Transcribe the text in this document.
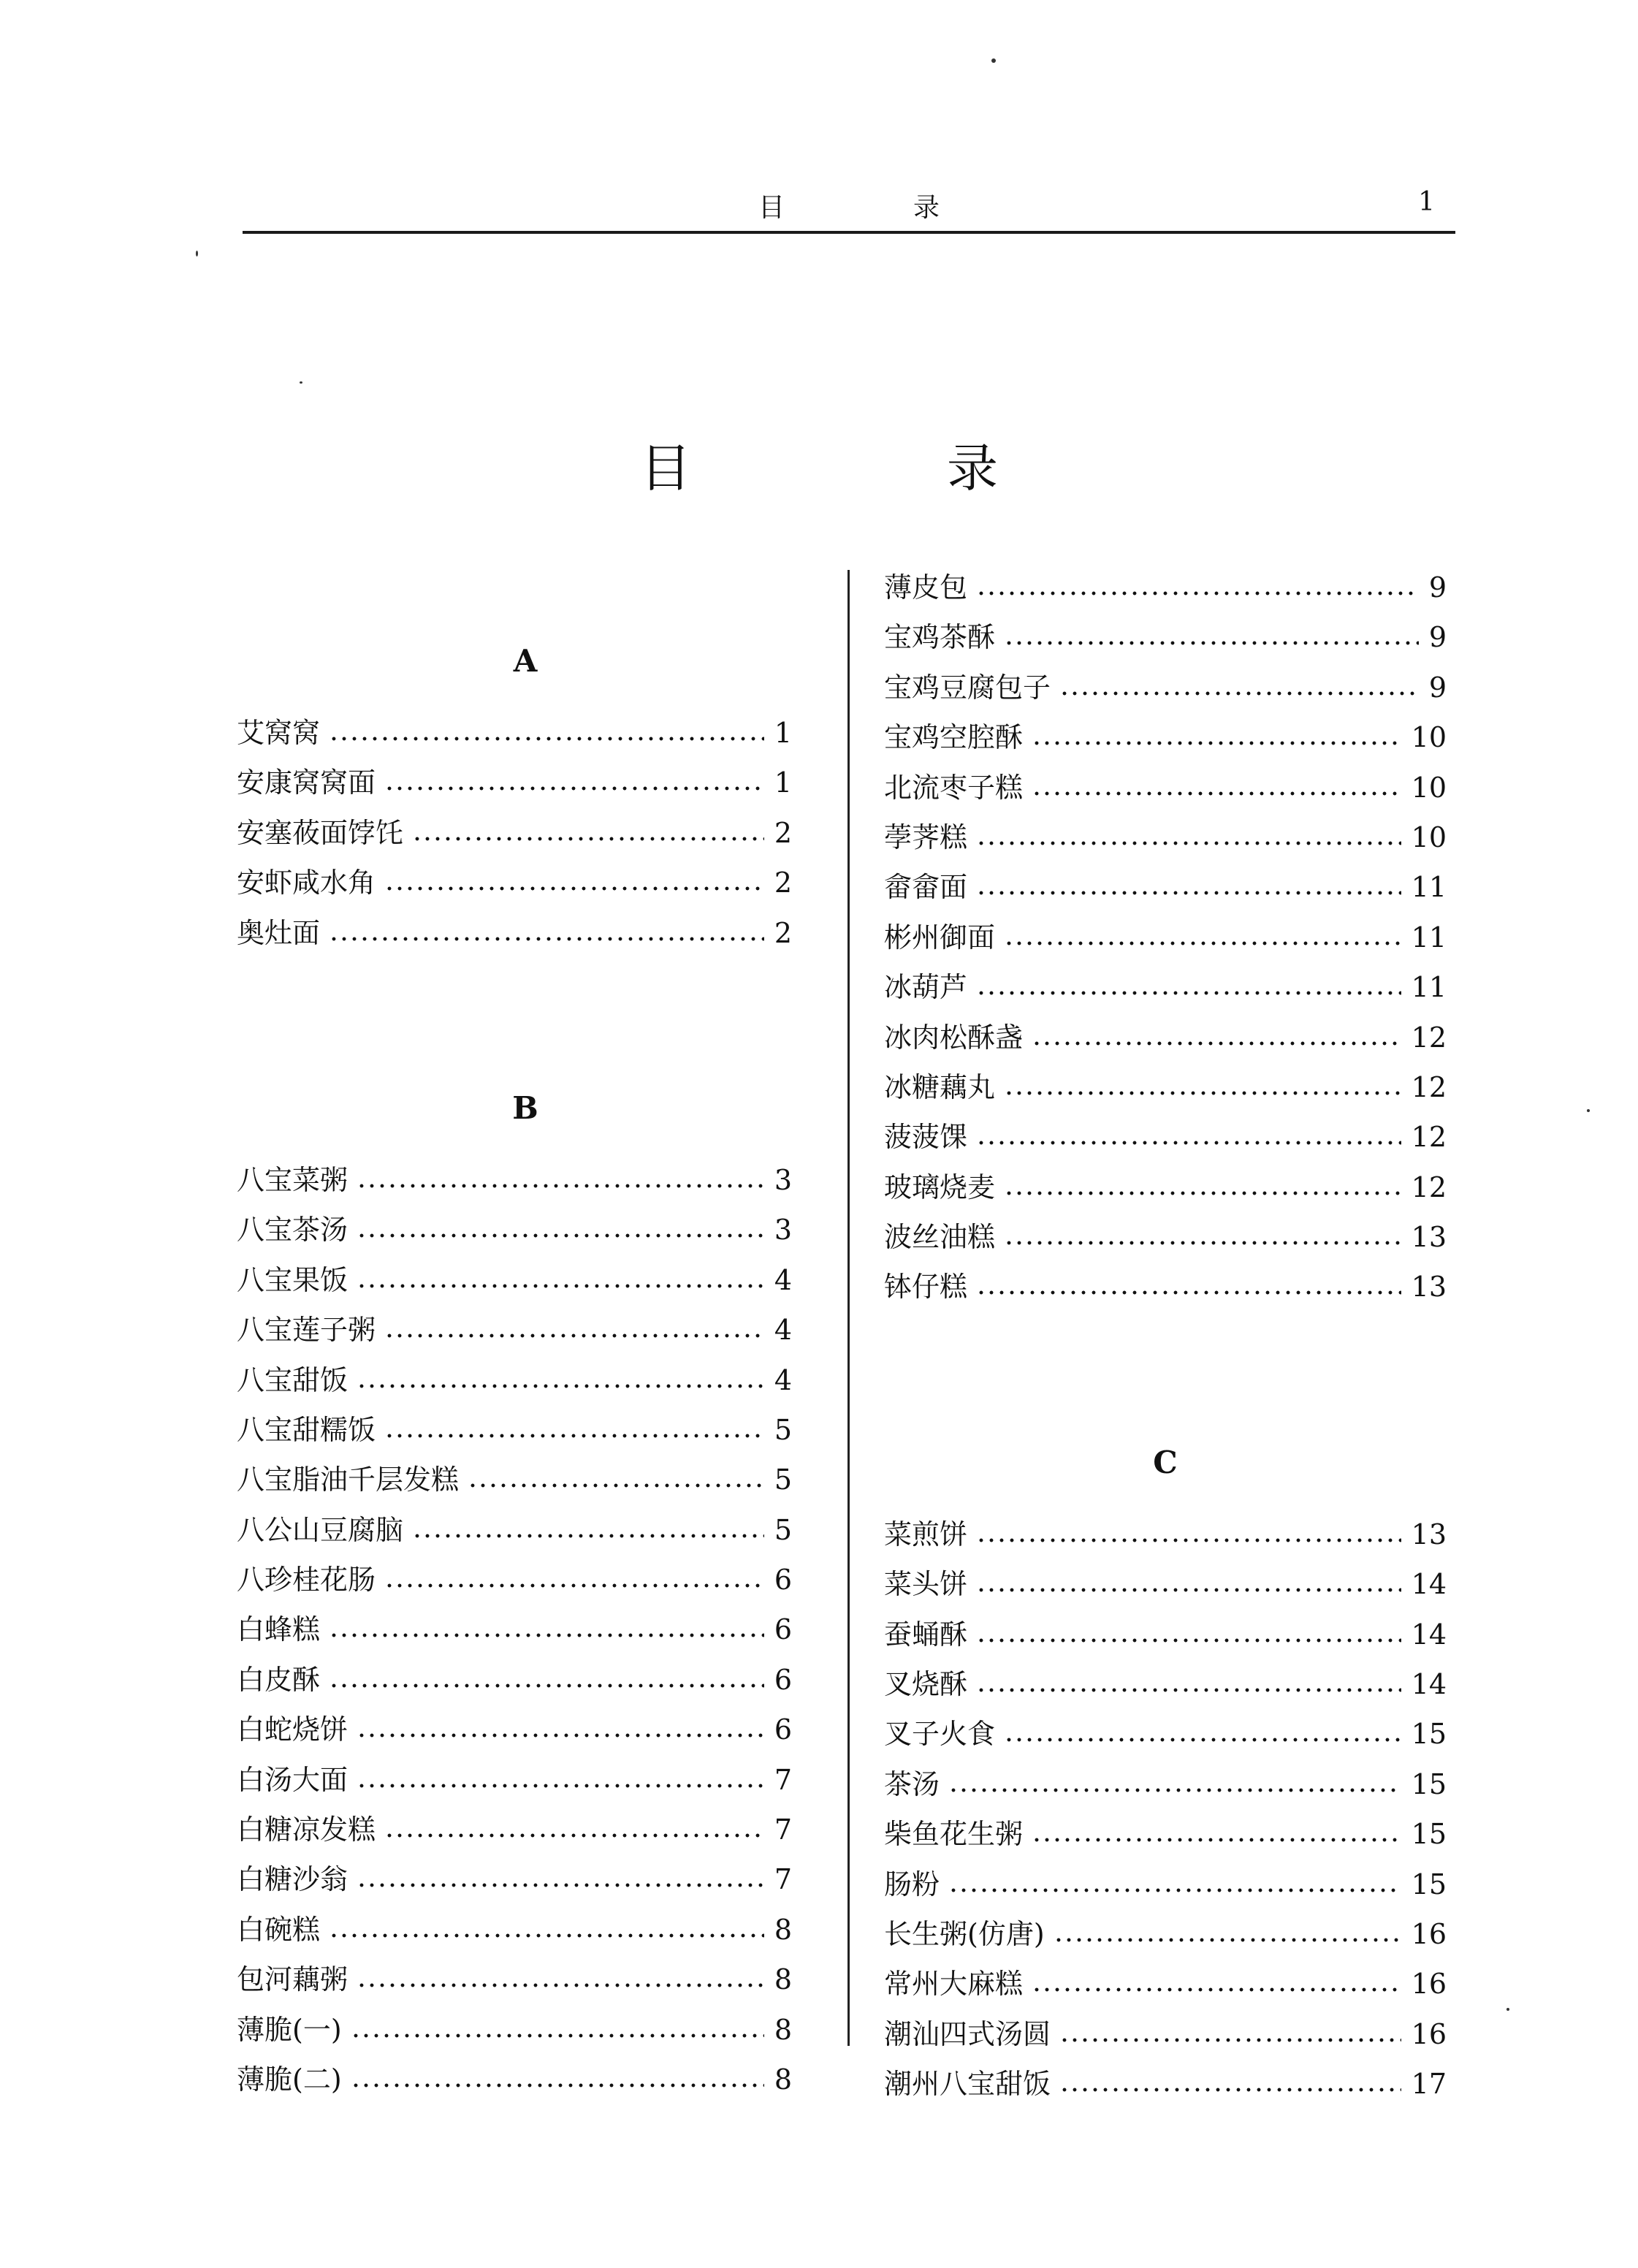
目　录	1
目　录
A
艾窝窝	1
安康窝窝面	1
安塞莜面饽饦	2
安虾咸水角	2
奥灶面	2
B
八宝菜粥	3
八宝茶汤	3
八宝果饭	4
八宝莲子粥	4
八宝甜饭	4
八宝甜糯饭	5
八宝脂油千层发糕	5
八公山豆腐脑	5
八珍桂花肠	6
白蜂糕	6
白皮酥	6
白蛇烧饼	6
白汤大面	7
白糖凉发糕	7
白糖沙翁	7
白碗糕	8
包河藕粥	8
薄脆(一)	8
薄脆(二)	8
薄皮包	9
宝鸡茶酥	9
宝鸡豆腐包子	9
宝鸡空腔酥	10
北流枣子糕	10
荸荠糕	10
畲畲面	11
彬州御面	11
冰葫芦	11
冰肉松酥盏	12
冰糖藕丸	12
菠菠馃	12
玻璃烧麦	12
波丝油糕	13
钵仔糕	13
C
菜煎饼	13
菜头饼	14
蚕蛹酥	14
叉烧酥	14
叉子火食	15
茶汤	15
柴鱼花生粥	15
肠粉	15
长生粥(仿唐)	16
常州大麻糕	16
潮汕四式汤圆	16
潮州八宝甜饭	17
